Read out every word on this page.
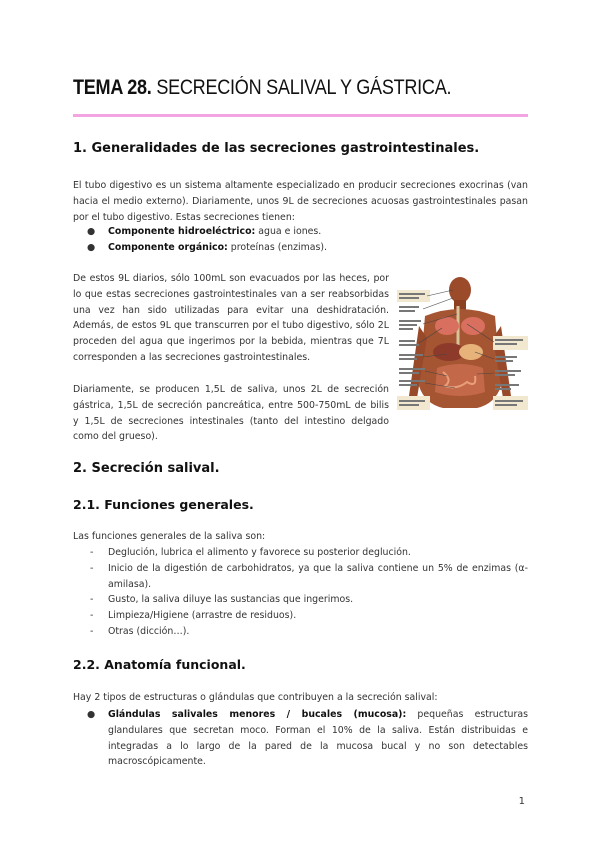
TEMA 28. SECRECIÓN SALIVAL Y GÁSTRICA.
1. Generalidades de las secreciones gastrointestinales.

El tubo digestivo es un sistema altamente especializado en producir secreciones exocrinas (van hacia el medio externo). Diariamente, unos 9L de secreciones acuosas gastrointestinales pasan por el tubo digestivo. Estas secreciones tienen:

● Componente hidroeléctrico: agua e iones.
● Componente orgánico: proteínas (enzimas).

De estos 9L diarios, sólo 100mL son evacuados por las heces, por lo que estas secreciones gastrointestinales van a ser reabsorbidas una vez han sido utilizadas para evitar una deshidratación. Además, de estos 9L que transcurren por el tubo digestivo, sólo 2L proceden del agua que ingerimos por la bebida, mientras que 7L corresponden a las secreciones gastrointestinales.

Diariamente, se producen 1,5L de saliva, unos 2L de secreción gástrica, 1,5L de secreción pancreática, entre 500-750mL de bilis y 1,5L de secreciones intestinales (tanto del intestino delgado como del grueso).

2. Secreción salival.
2.1. Funciones generales.

Las funciones generales de la saliva son:

- Deglución, lubrica el alimento y favorece su posterior deglución.
- Inicio de la digestión de carbohidratos, ya que la saliva contiene un 5% de enzimas (α-amilasa).
- Gusto, la saliva diluye las sustancias que ingerimos.
- Limpieza/Higiene (arrastre de residuos).
- Otras (dicción…).
2.2. Anatomía funcional.

Hay 2 tipos de estructuras o glándulas que contribuyen a la secreción salival:

● Glándulas salivales menores / bucales (mucosa): pequeñas estructuras glandulares que secretan moco. Forman el 10% de la saliva. Están distribuidas e integradas a lo largo de la pared de la mucosa bucal y no son detectables macroscópicamente.
1
